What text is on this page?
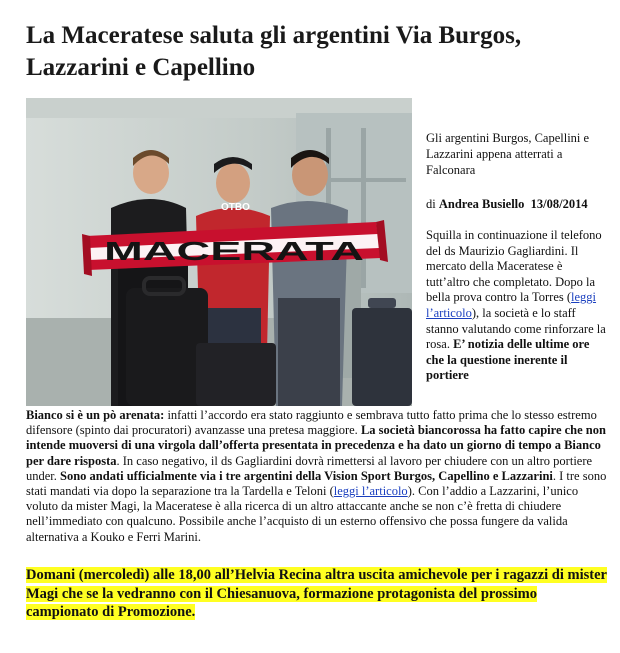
La Maceratese saluta gli argentini Via Burgos, Lazzarini e Capellino
MACERATA
OTBO

Gli argentini Burgos, Capellini e Lazzarini appena atterrati a Falconara

di Andrea Busiello 13/08/2014

Squilla in continuazione il telefono del ds Maurizio Gagliardini. Il mercato della Maceratese è tutt’altro che completato. Dopo la bella prova contro la Torres (leggi l’articolo), la società e lo staff stanno valutando come rinforzare la rosa. E’ notizia delle ultime ore che la questione inerente il portiere
Bianco si è un pò arenata: infatti l’accordo era stato raggiunto e sembrava tutto fatto prima che lo stesso estremo difensore (spinto dai procuratori) avanzasse una pretesa maggiore. La società biancorossa ha fatto capire che non intende muoversi di una virgola dall’offerta presentata in precedenza e ha dato un giorno di tempo a Bianco per dare risposta. In caso negativo, il ds Gagliardini dovrà rimettersi al lavoro per chiudere con un altro portiere under. Sono andati ufficialmente via i tre argentini della Vision Sport Burgos, Capellino e Lazzarini. I tre sono stati mandati via dopo la separazione tra la Tardella e Teloni (leggi l’articolo). Con l’addio a Lazzarini, l’unico voluto da mister Magi, la Maceratese è alla ricerca di un altro attaccante anche se non c’è fretta di chiudere nell’immediato con qualcuno. Possibile anche l’acquisto di un esterno offensivo che possa fungere da valida alternativa a Kouko e Ferri Marini.

Domani (mercoledì) alle 18,00 all’Helvia Recina altra uscita amichevole per i ragazzi di mister Magi che se la vedranno con il Chiesanuova, formazione protagonista del prossimo campionato di Promozione.
